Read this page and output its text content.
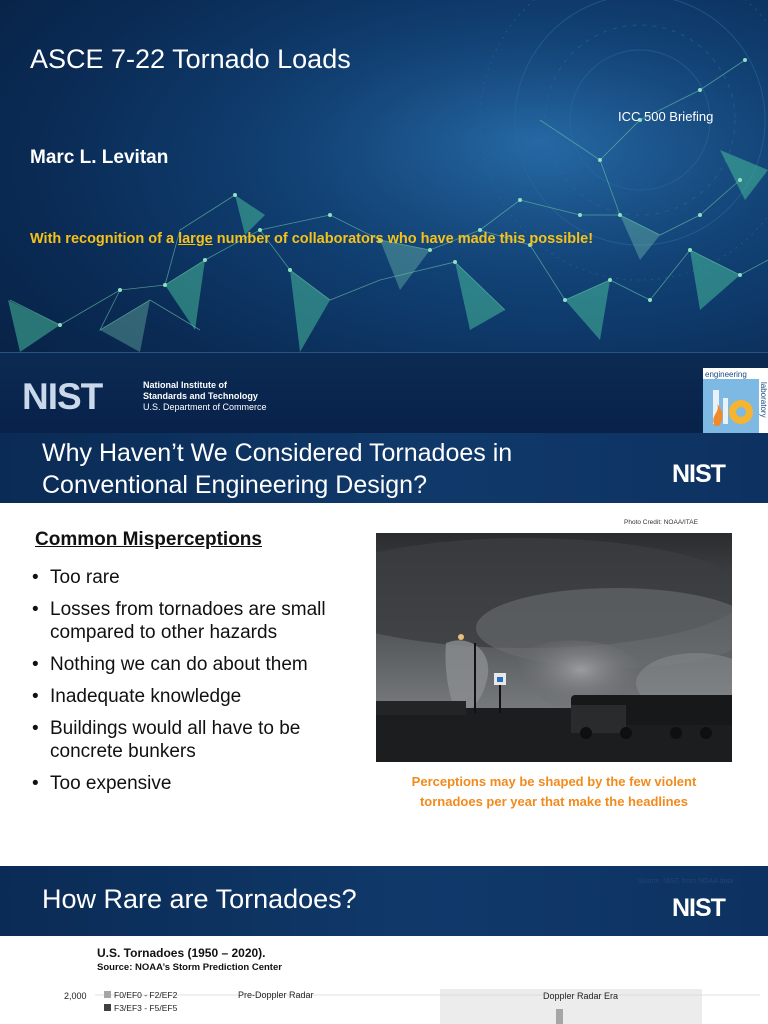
ASCE 7-22 Tornado Loads
ICC 500 Briefing
Marc L. Levitan
With recognition of a large number of collaborators who have made this possible!
NIST	National Institute of
Standards and Technology
U.S. Department of Commerce
engineering
laboratory
Why Haven’t We Considered Tornadoes in
Conventional Engineering Design?	NIST
Common Misperceptions
• Too rare
• Losses from tornadoes are small compared to other hazards
• Nothing we can do about them
• Inadequate knowledge
• Buildings would all have to be concrete bunkers
• Too expensive
Photo Credit: NOAA/ITAE
Perceptions may be shaped by the few violent
tornadoes per year that make the headlines
How Rare are Tornadoes?	NIST
Source: NIST, from NOAA data
U.S. Tornadoes (1950 – 2020).
Source: NOAA’s Storm Prediction Center
2,000	F0/EF0 - F2/EF2
F3/EF3 - F5/EF5
Pre-Doppler Radar	Doppler Radar Era
